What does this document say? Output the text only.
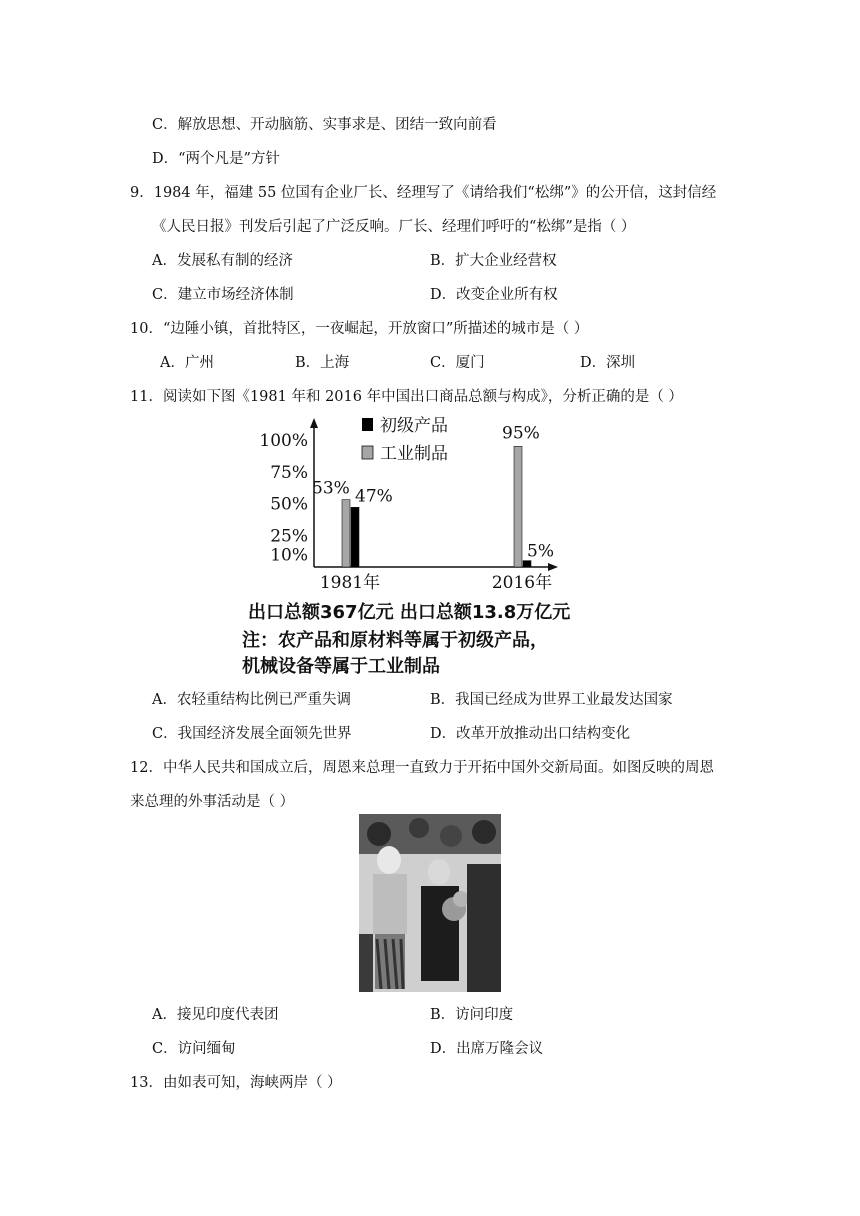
C．解放思想、开动脑筋、实事求是、团结一致向前看
D．“两个凡是”方针
9．1984 年，福建 55 位国有企业厂长、经理写了《请给我们“松绑”》的公开信，这封信经
《人民日报》刊发后引起了广泛反响。厂长、经理们呼吁的“松绑”是指（ ）
A．发展私有制的经济	B．扩大企业经营权
C．建立市场经济体制	D．改变企业所有权
10．“边陲小镇，首批特区，一夜崛起，开放窗口”所描述的城市是（ ）
A．广州	B．上海	C．厦门	D．深圳
11．阅读如下图《1981 年和 2016 年中国出口商品总额与构成》，分析正确的是（ ）
100%
75%
50%
25%
10%
53% 47%
95%
5%
1981年	2016年
初级产品
工业制品
出口总额367亿元 出口总额13.8万亿元
注：农产品和原材料等属于初级产品，
机械设备等属于工业制品
A．农轻重结构比例已严重失调	B．我国已经成为世界工业最发达国家
C．我国经济发展全面领先世界	D．改革开放推动出口结构变化
12．中华人民共和国成立后，周恩来总理一直致力于开拓中国外交新局面。如图反映的周恩
来总理的外事活动是（ ）
A．接见印度代表团	B．访问印度
C．访问缅甸	D．出席万隆会议
13．由如表可知，海峡两岸（ ）
